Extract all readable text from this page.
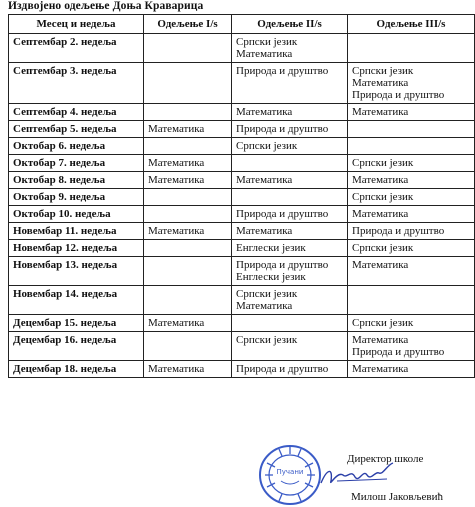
Издвојено одељење Доња Краварица
Месец и недеља	Одељење I/s	Одељење II/s	Одељење III/s
Септембар 2. недеља		Српски језик
Математика	

Септембар 3. недеља		Природа и друштво	Српски језик
Математика
Природа и друштво

Септембар 4. недеља		Математика	Математика

Септембар 5. недеља	Математика	Природа и друштво	

Октобар 6. недеља		Српски језик	

Октобар 7. недеља	Математика		Српски језик

Октобар 8. недеља	Математика	Математика	Математика

Октобар 9. недеља			Српски језик

Октобар 10. недеља		Природа и друштво	Математика

Новембар 11. недеља	Математика	Математика	Природа и друштво

Новембар 12. недеља		Енглески језик	Српски језик

Новембар 13. недеља		Природа и друштво
Енглески језик	Математика

Новембар 14. недеља		Српски језик
Математика	

Децембар 15. недеља	Математика		Српски језик

Децембар 16. недеља		Српски језик	Математика
Природа и друштво

Децембар 18. недеља	Математика	Природа и друштво	Математика
Пучани
Директор школе
Милош Јаковљевић
